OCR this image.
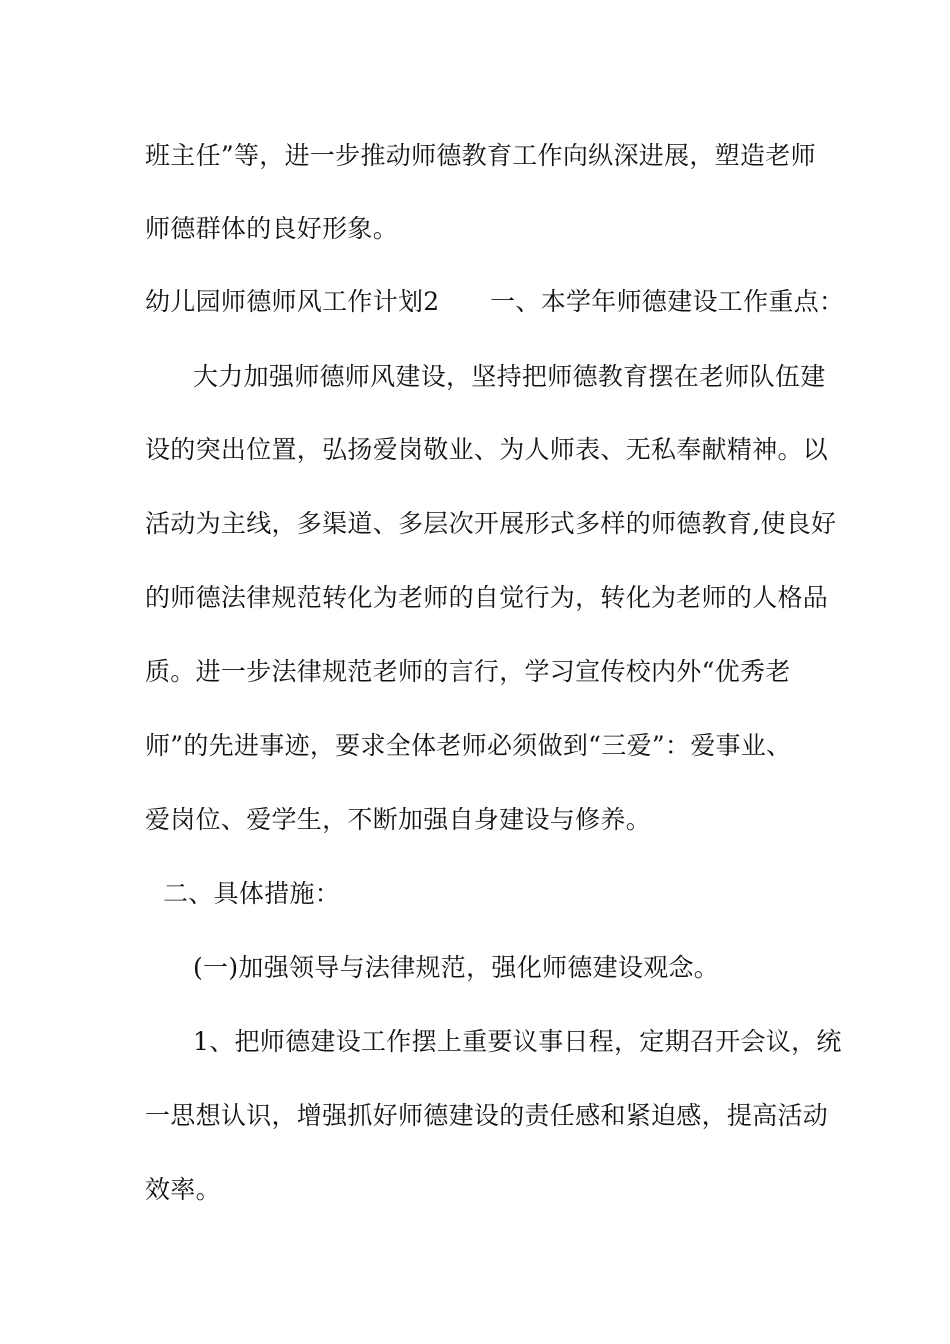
班主任”等，进一步推动师德教育工作向纵深进展，塑造老师
师德群体的良好形象。
幼儿园师德师风工作计划2　　一、本学年师德建设工作重点：
大力加强师德师风建设，坚持把师德教育摆在老师队伍建
设的突出位置，弘扬爱岗敬业、为人师表、无私奉献精神。以
活动为主线，多渠道、多层次开展形式多样的师德教育,使良好
的师德法律规范转化为老师的自觉行为，转化为老师的人格品
质。进一步法律规范老师的言行，学习宣传校内外“优秀老
师”的先进事迹，要求全体老师必须做到“三爱”：爱事业、
爱岗位、爱学生，不断加强自身建设与修养。
二、具体措施：
(一)加强领导与法律规范，强化师德建设观念。
1、把师德建设工作摆上重要议事日程，定期召开会议，统
一思想认识，增强抓好师德建设的责任感和紧迫感，提高活动
效率。
